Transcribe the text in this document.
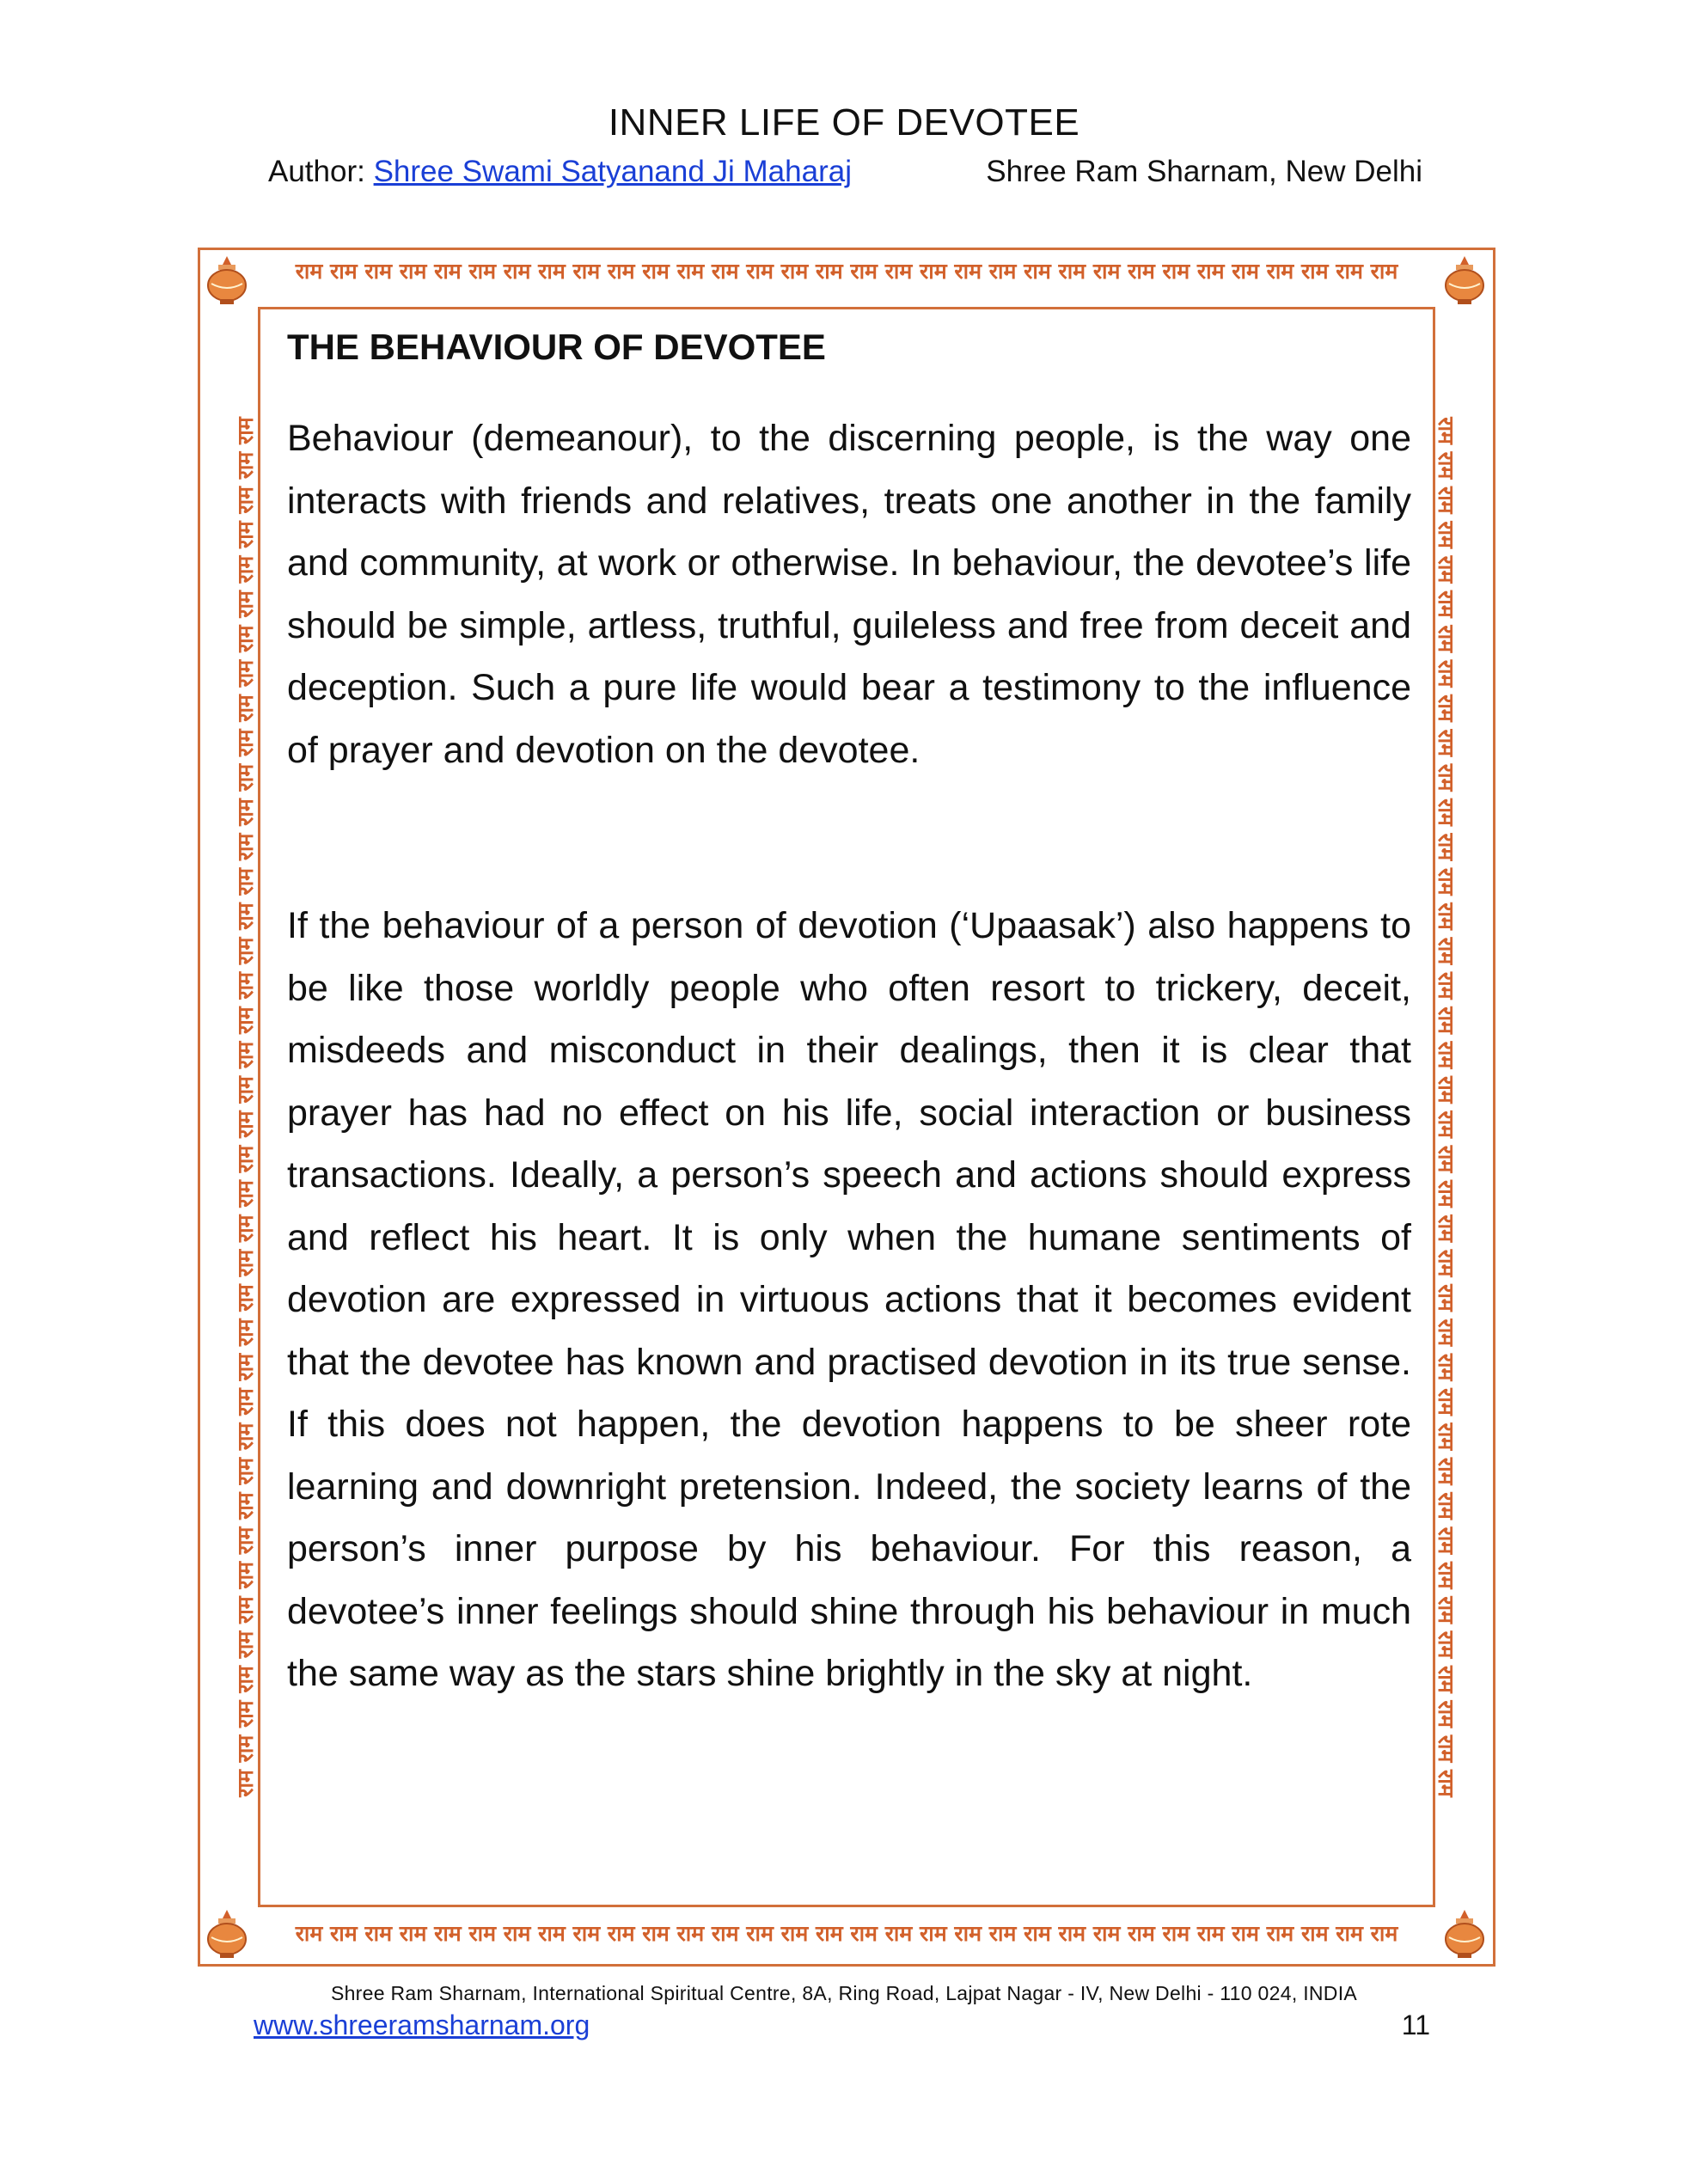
INNER LIFE OF DEVOTEE
Author: Shree Swami Satyanand Ji Maharaj	Shree Ram Sharnam, New Delhi
राम राम राम राम राम राम राम राम राम राम राम राम राम राम राम राम राम राम राम राम राम राम राम राम राम राम राम राम राम राम राम राम
राम राम राम राम राम राम राम राम राम राम राम राम राम राम राम राम राम राम राम राम राम राम राम राम राम राम राम राम राम राम राम राम
राम राम राम राम राम राम राम राम राम राम राम राम राम राम राम राम राम राम राम राम राम राम राम राम राम राम राम राम राम राम राम राम राम राम राम राम राम राम राम राम	राम राम राम राम राम राम राम राम राम राम राम राम राम राम राम राम राम राम राम राम राम राम राम राम राम राम राम राम राम राम राम राम राम राम राम राम राम राम राम राम
THE BEHAVIOUR OF DEVOTEE

Behaviour (demeanour), to the discerning people, is the way one interacts with friends and relatives, treats one another in the family and community, at work or otherwise. In behaviour, the devotee’s life should be simple, artless, truthful, guileless and free from deceit and deception. Such a pure life would bear a testimony to the influence of prayer and devotion on the devotee.

If the behaviour of a person of devotion (‘Upaasak’) also happens to be like those worldly people who often resort to trickery, deceit, misdeeds and misconduct in their dealings, then it is clear that prayer has had no effect on his life, social interaction or business transactions. Ideally, a person’s speech and actions should express and reflect his heart. It is only when the humane sentiments of devotion are expressed in virtuous actions that it becomes evident that the devotee has known and practised devotion in its true sense. If this does not happen, the devotion happens to be sheer rote learning and downright pretension. Indeed, the society learns of the person’s inner purpose by his behaviour. For this reason, a devotee’s inner feelings should shine through his behaviour in much the same way as the stars shine brightly in the sky at night.

Shree Ram Sharnam, International Spiritual Centre, 8A, Ring Road, Lajpat Nagar - IV, New Delhi - 110 024, INDIA
www.shreeramsharnam.org	11
